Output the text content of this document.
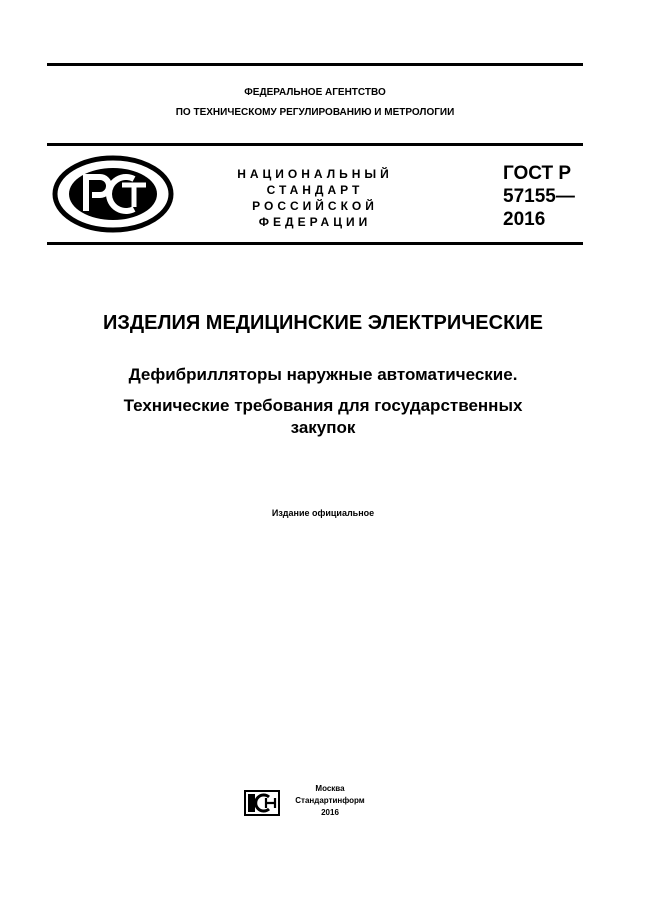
ФЕДЕРАЛЬНОЕ АГЕНТСТВО
ПО ТЕХНИЧЕСКОМУ РЕГУЛИРОВАНИЮ И МЕТРОЛОГИИ
НАЦИОНАЛЬНЫЙ
СТАНДАРТ
РОССИЙСКОЙ
ФЕДЕРАЦИИ
ГОСТ Р
57155—
2016
ИЗДЕЛИЯ МЕДИЦИНСКИЕ ЭЛЕКТРИЧЕСКИЕ
Дефибрилляторы наружные автоматические.
Технические требования для государственных
закупок
Издание официальное
Москва
Стандартинформ
2016
